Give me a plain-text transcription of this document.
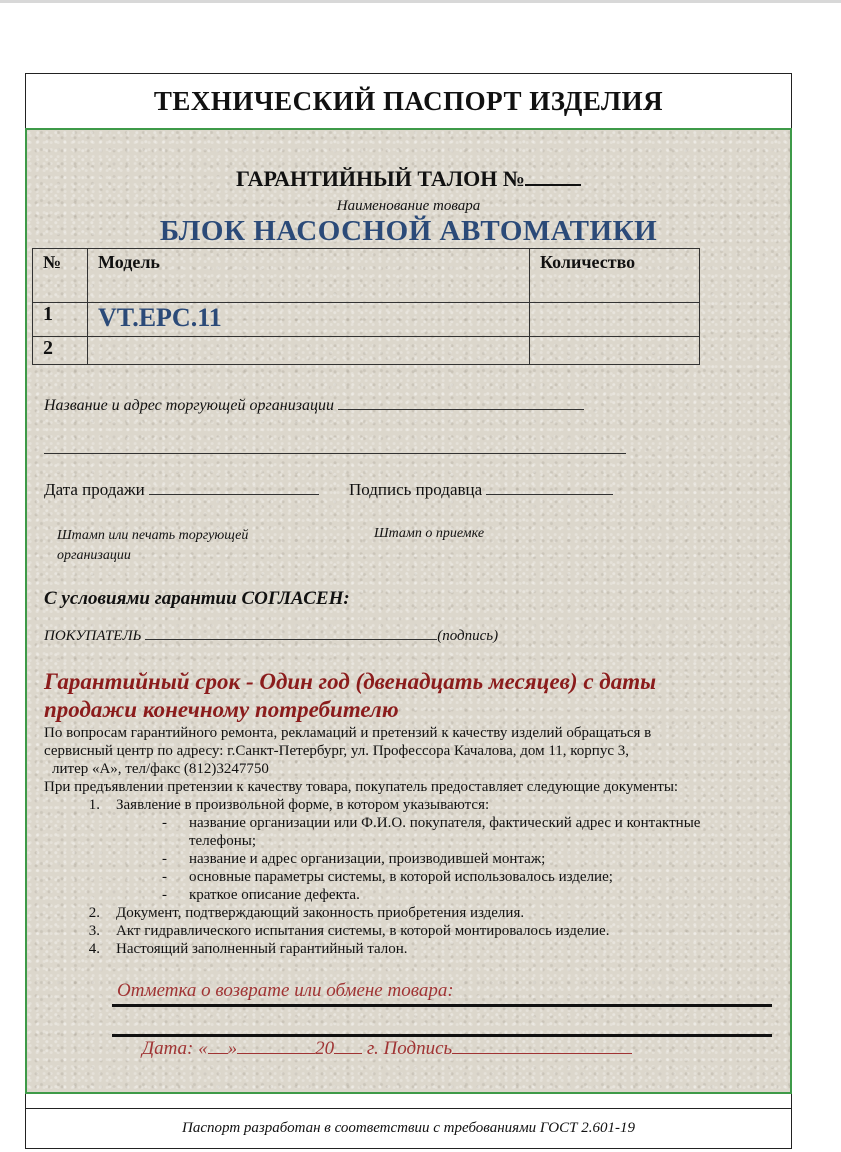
ТЕХНИЧЕСКИЙ ПАСПОРТ ИЗДЕЛИЯ
Паспорт разработан в соответствии с требованиями ГОСТ 2.601-19
ГАРАНТИЙНЫЙ ТАЛОН №
Наименование товара
БЛОК НАСОСНОЙ АВТОМАТИКИ
№	Модель	Количество
1	VT.EPC.11	
2		
Название и адрес торгующей организации
Дата продажи	Подпись продавца
Штамп или печать торгующей организации
Штамп о приемке
С условиями гарантии СОГЛАСЕН:
ПОКУПАТЕЛЬ	(подпись)
Гарантийный срок - Один год (двенадцать месяцев) с даты продажи конечному потребителю

По вопросам гарантийного ремонта, рекламаций и претензий к качеству изделий обращаться в

сервисный центр по адресу: г.Санкт-Петербург, ул. Профессора Качалова, дом 11, корпус 3,

литер «А», тел/факс (812)3247750

При предъявлении претензии к качеству товара, покупатель предоставляет следующие документы:

1. Заявление в произвольной форме, в котором указываются:
- название организации или Ф.И.О. покупателя, фактический адрес и контактные
телефоны;
- название и адрес организации, производившей монтаж;
- основные параметры системы, в которой использовалось изделие;
- краткое описание дефекта.
2. Документ, подтверждающий законность приобретения изделия.
3. Акт гидравлического испытания системы, в которой монтировалось изделие.
4. Настоящий заполненный гарантийный талон.
Отметка о возврате или обмене товара:
Дата: « »	20 г. Подпись
